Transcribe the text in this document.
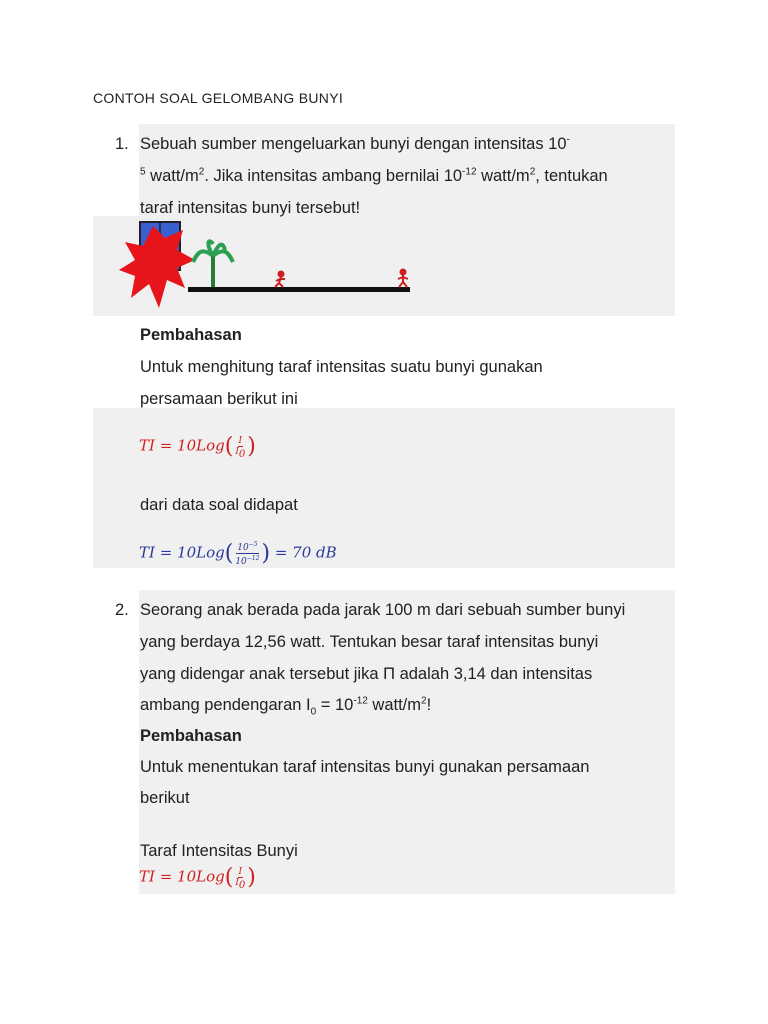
CONTOH SOAL GELOMBANG BUNYI
1. Sebuah sumber mengeluarkan bunyi dengan intensitas 10-
$^5$ watt/$m^2$. Jika intensitas ambang bernilai $10^{-12}$ watt/$m^2$, tentukan
taraf intensitas bunyi tersebut!
Pembahasan
Untuk menghitung taraf intensitas suatu bunyi gunakan
persamaan berikut ini
TI = $10Log( \frac{I}{I_0}$ )
dari data soal didapat
TI = $10Log( \frac{10^{-5}}{10^{-12}}$ ) = 70 dB
2. Seorang anak berada pada jarak 100 m dari sebuah sumber bunyi
yang berdaya 12,56 watt. Tentukan besar taraf intensitas bunyi
yang didengar anak tersebut jika Π adalah 3,14 dan intensitas
ambang pendengaran $I_0 = 10^{-12}$ watt/$m^2$!
Pembahasan
Untuk menentukan taraf intensitas bunyi gunakan persamaan
berikut
Taraf Intensitas Bunyi
TI = $10Log( \frac{I}{I_0}$ )
